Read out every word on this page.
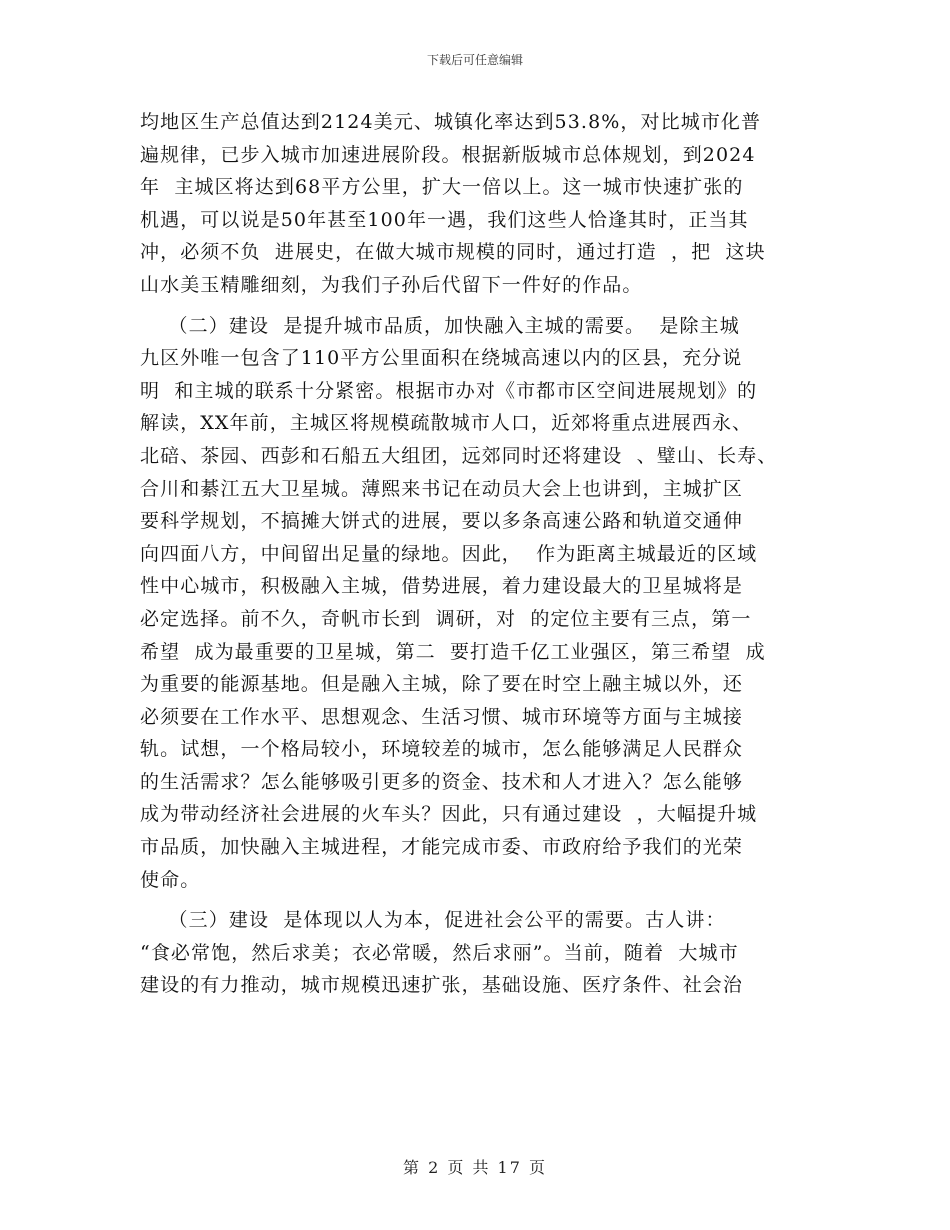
下载后可任意编辑
均地区生产总值达到2124美元、城镇化率达到53.8%，对比城市化普
遍规律，已步入城市加速进展阶段。根据新版城市总体规划，到2024
年  主城区将达到68平方公里，扩大一倍以上。这一城市快速扩张的
机遇，可以说是50年甚至100年一遇，我们这些人恰逢其时，正当其
冲，必须不负  进展史，在做大城市规模的同时，通过打造  ，把  这块
山水美玉精雕细刻，为我们子孙后代留下一件好的作品。
（二）建设  是提升城市品质，加快融入主城的需要。  是除主城
九区外唯一包含了110平方公里面积在绕城高速以内的区县，充分说
明  和主城的联系十分紧密。根据市办对《市都市区空间进展规划》的
解读，XX年前，主城区将规模疏散城市人口，近郊将重点进展西永、
北碚、茶园、西彭和石船五大组团，远郊同时还将建设  、璧山、长寿、
合川和綦江五大卫星城。薄熙来书记在动员大会上也讲到，主城扩区
要科学规划，不搞摊大饼式的进展，要以多条高速公路和轨道交通伸
向四面八方，中间留出足量的绿地。因此，  作为距离主城最近的区域
性中心城市，积极融入主城，借势进展，着力建设最大的卫星城将是
必定选择。前不久，奇帆市长到  调研，对  的定位主要有三点，第一
希望  成为最重要的卫星城，第二  要打造千亿工业强区，第三希望  成
为重要的能源基地。但是融入主城，除了要在时空上融主城以外，还
必须要在工作水平、思想观念、生活习惯、城市环境等方面与主城接
轨。试想，一个格局较小，环境较差的城市，怎么能够满足人民群众
的生活需求？怎么能够吸引更多的资金、技术和人才进入？怎么能够
成为带动经济社会进展的火车头？因此，只有通过建设  ，大幅提升城
市品质，加快融入主城进程，才能完成市委、市政府给予我们的光荣
使命。
（三）建设  是体现以人为本，促进社会公平的需要。古人讲：
“食必常饱，然后求美；衣必常暖，然后求丽”。当前，随着  大城市
建设的有力推动，城市规模迅速扩张，基础设施、医疗条件、社会治
第 2 页 共 17 页
